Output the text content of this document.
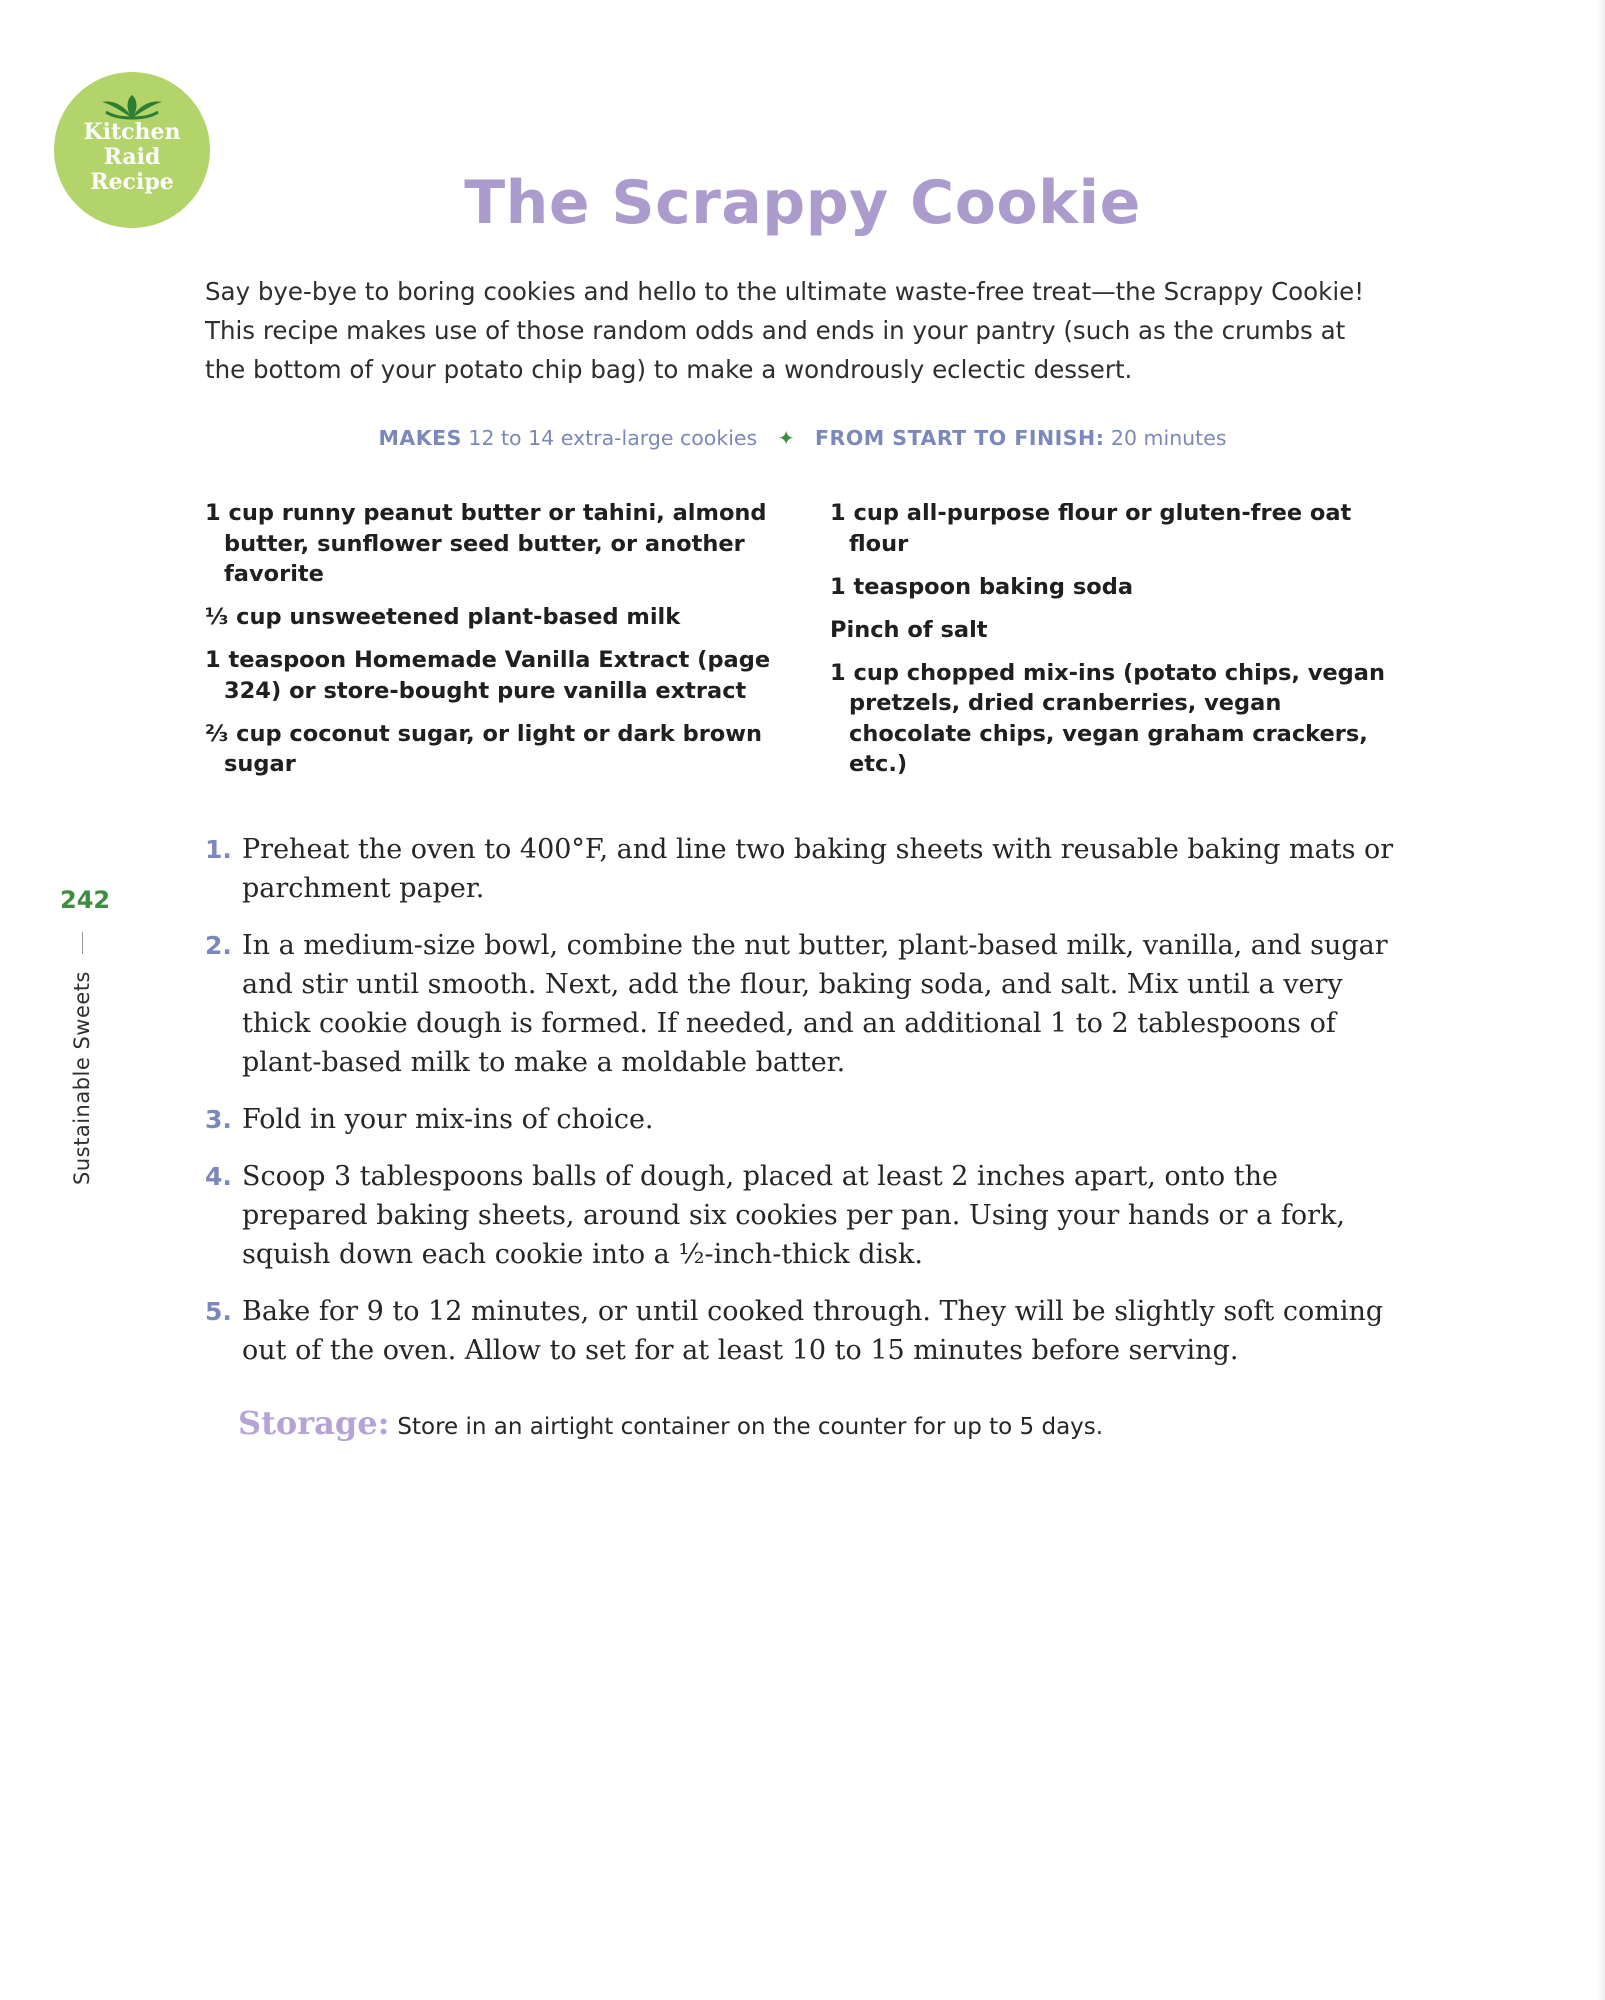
Kitchen
Raid
Recipe	The Scrappy Cookie
Say bye-bye to boring cookies and hello to the ultimate waste-free treat—the Scrappy Cookie! This recipe makes use of those random odds and ends in your pantry (such as the crumbs at the bottom of your potato chip bag) to make a wondrously eclectic dessert.
MAKES 12 to 14 extra-large cookies ✦ FROM START TO FINISH: 20 minutes
1 cup runny peanut butter or tahini, almond butter, sunflower seed butter, or another favorite
⅓ cup unsweetened plant-based milk
1 teaspoon Homemade Vanilla Extract (page 324) or store-bought pure vanilla extract
⅔ cup coconut sugar, or light or dark brown sugar
1 cup all-purpose flour or gluten-free oat flour
1 teaspoon baking soda
Pinch of salt
1 cup chopped mix-ins (potato chips, vegan pretzels, dried cranberries, vegan chocolate chips, vegan graham crackers, etc.)
1. Preheat the oven to 400°F, and line two baking sheets with reusable baking mats or parchment paper.
2. In a medium-size bowl, combine the nut butter, plant-based milk, vanilla, and sugar and stir until smooth. Next, add the flour, baking soda, and salt. Mix until a very thick cookie dough is formed. If needed, and an additional 1 to 2 tablespoons of plant-based milk to make a moldable batter.
3. Fold in your mix-ins of choice.
4. Scoop 3 tablespoons balls of dough, placed at least 2 inches apart, onto the prepared baking sheets, around six cookies per pan. Using your hands or a fork, squish down each cookie into a ½-inch-thick disk.
5. Bake for 9 to 12 minutes, or until cooked through. They will be slightly soft coming out of the oven. Allow to set for at least 10 to 15 minutes before serving.
Storage: Store in an airtight container on the counter for up to 5 days.
242
Sustainable Sweets
